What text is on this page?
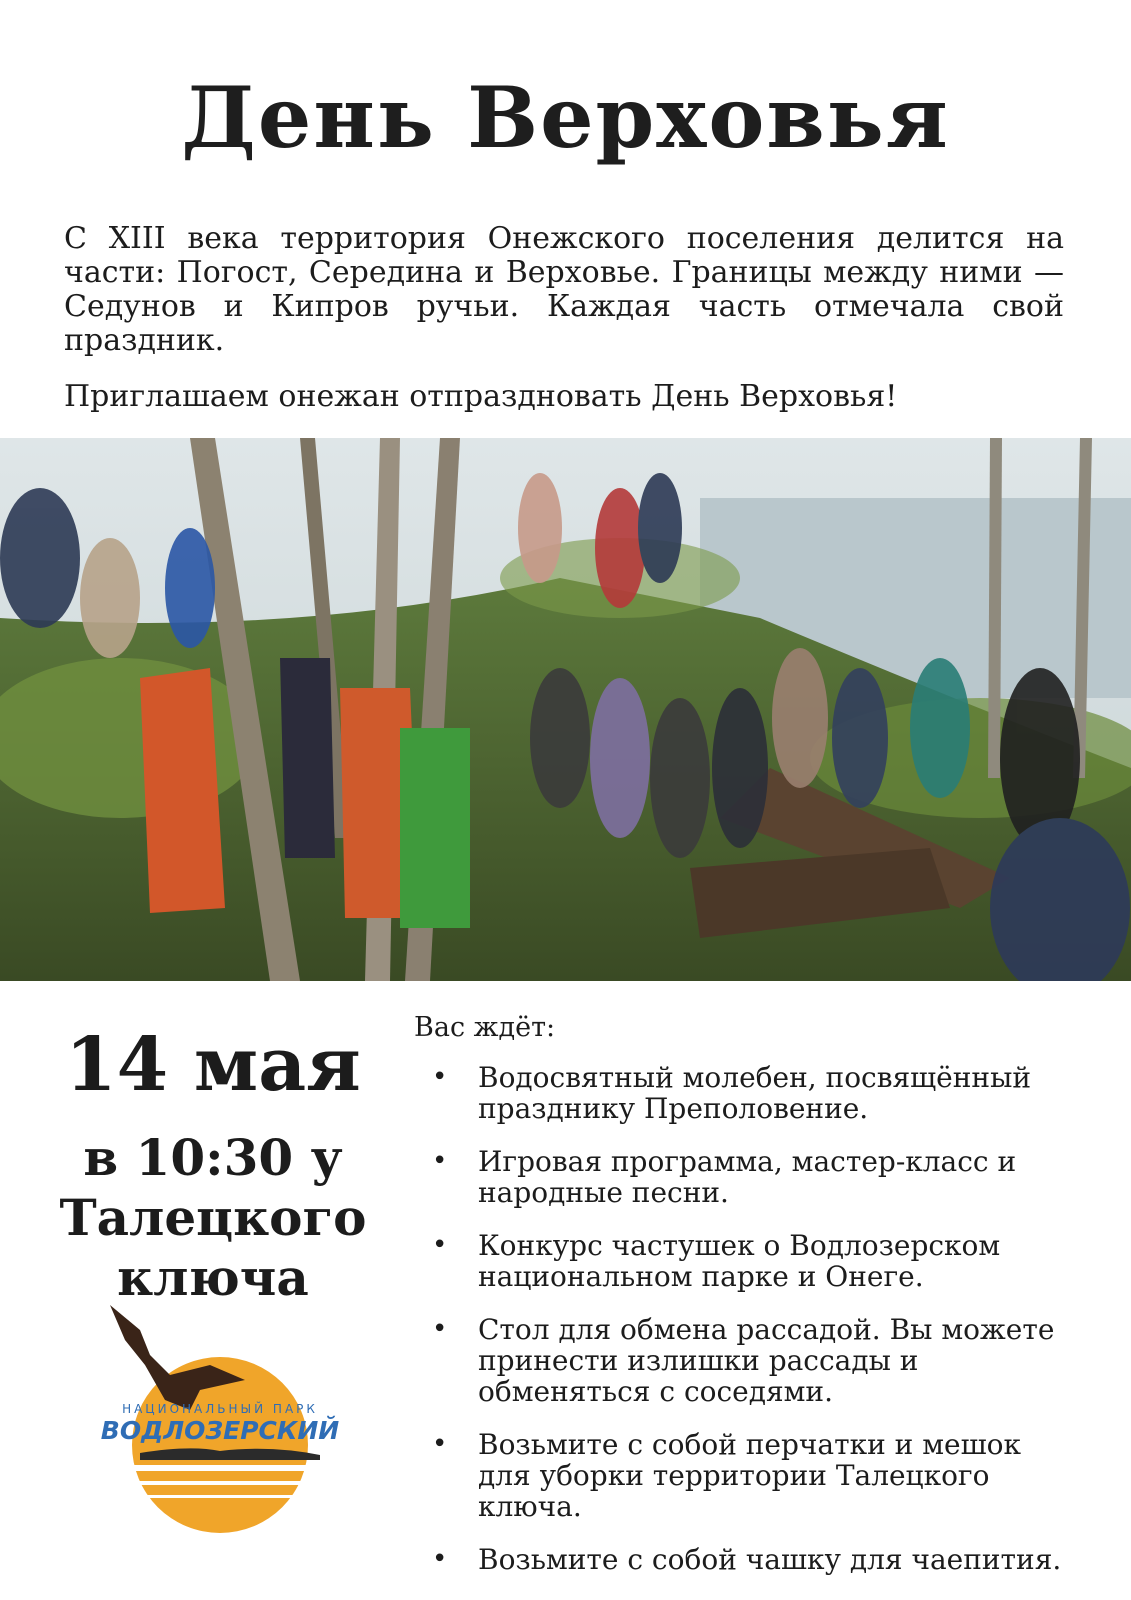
День Верховья

С XIII века территория Онежского поселения делится на части: Погост, Середина и Верховье. Границы между ними — Седунов и Кипров ручьи. Каждая часть отмечала свой праздник.

Приглашаем онежан отпраздновать День Верховья!

14 мая

в 10:30 у
Талецкого
ключа

НАЦИОНАЛЬНЫЙ ПАРК
ВОДЛОЗЕРСКИЙ

Вас ждёт:

• Водосвятный молебен, посвящённый празднику Преполовение.
• Игровая программа, мастер-класс и народные песни.
• Конкурс частушек о Водлозерском национальном парке и Онеге.
• Стол для обмена рассадой. Вы можете принести излишки рассады и обменяться с соседями.
• Возьмите с собой перчатки и мешок для уборки территории Талецкого ключа.
• Возьмите с собой чашку для чаепития.
